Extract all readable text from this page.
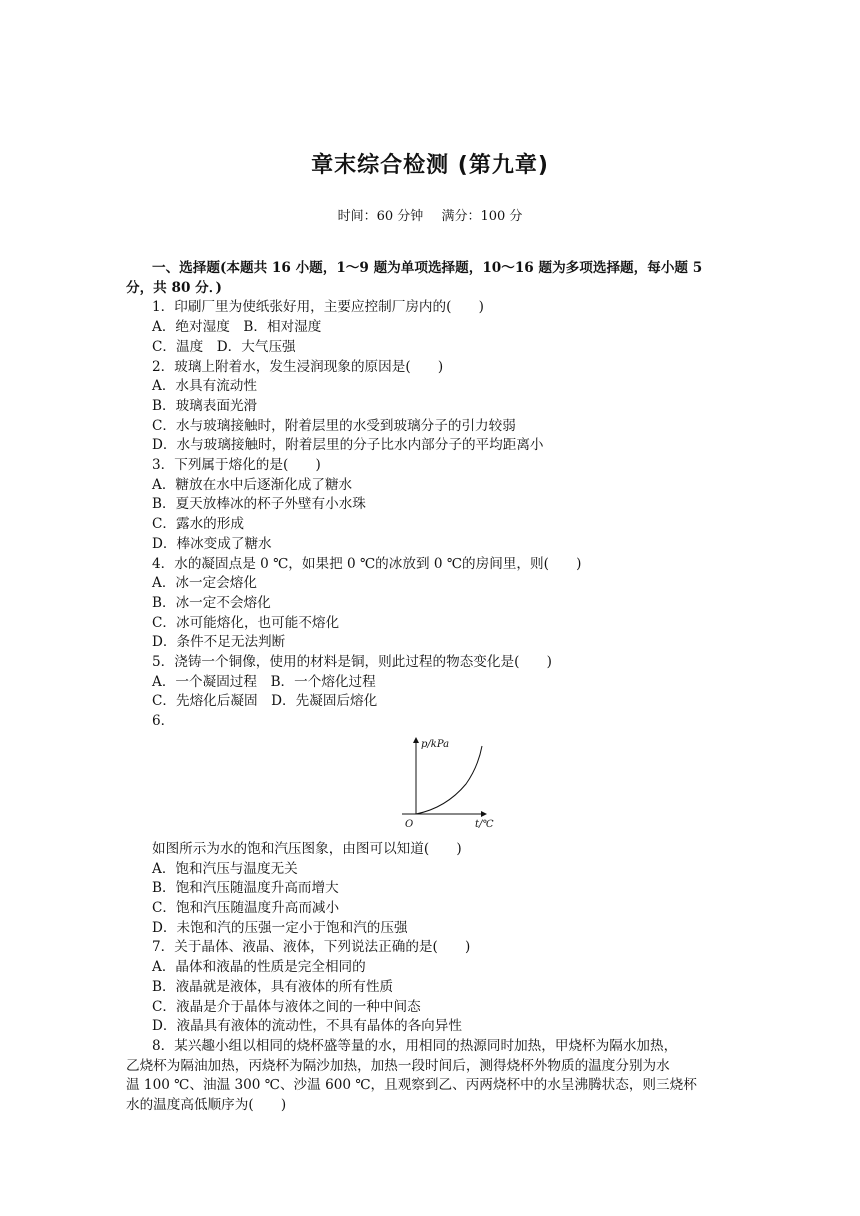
章末综合检测 (第九章)
时间：60 分钟 满分：100 分
一、选择题(本题共 16 小题，1～9 题为单项选择题，10～16 题为多项选择题，每小题 5
分，共 80 分．)
1．印刷厂里为使纸张好用，主要应控制厂房内的(　　)
A．绝对湿度　B．相对湿度
C．温度　D．大气压强
2．玻璃上附着水，发生浸润现象的原因是(　　)
A．水具有流动性
B．玻璃表面光滑
C．水与玻璃接触时，附着层里的水受到玻璃分子的引力较弱
D．水与玻璃接触时，附着层里的分子比水内部分子的平均距离小
3．下列属于熔化的是(　　)
A．糖放在水中后逐渐化成了糖水
B．夏天放棒冰的杯子外壁有小水珠
C．露水的形成
D．棒冰变成了糖水
4．水的凝固点是 0 ℃，如果把 0 ℃的冰放到 0 ℃的房间里，则(　　)
A．冰一定会熔化
B．冰一定不会熔化
C．冰可能熔化，也可能不熔化
D．条件不足无法判断
5．浇铸一个铜像，使用的材料是铜，则此过程的物态变化是(　　)
A．一个凝固过程　B．一个熔化过程
C．先熔化后凝固　D．先凝固后熔化
6．
p/kPa
t/℃
O
如图所示为水的饱和汽压图象，由图可以知道(　　)
A．饱和汽压与温度无关
B．饱和汽压随温度升高而增大
C．饱和汽压随温度升高而减小
D．未饱和汽的压强一定小于饱和汽的压强
7．关于晶体、液晶、液体，下列说法正确的是(　　)
A．晶体和液晶的性质是完全相同的
B．液晶就是液体，具有液体的所有性质
C．液晶是介于晶体与液体之间的一种中间态
D．液晶具有液体的流动性，不具有晶体的各向异性
8．某兴趣小组以相同的烧杯盛等量的水，用相同的热源同时加热，甲烧杯为隔水加热，
乙烧杯为隔油加热，丙烧杯为隔沙加热，加热一段时间后，测得烧杯外物质的温度分别为水
温 100 ℃、油温 300 ℃、沙温 600 ℃，且观察到乙、丙两烧杯中的水呈沸腾状态，则三烧杯
水的温度高低顺序为(　　)
